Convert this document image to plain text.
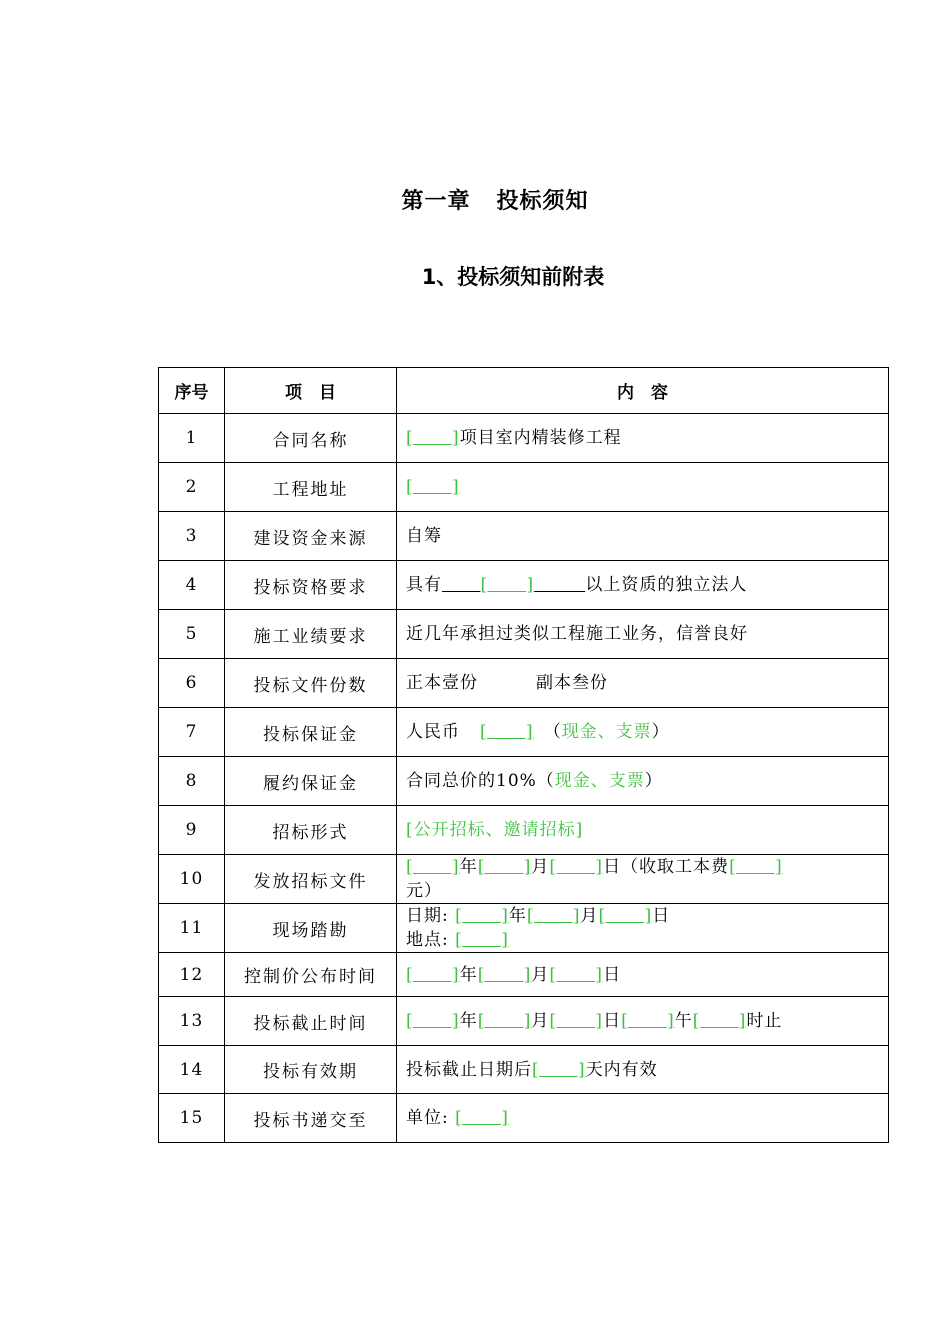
第一章 投标须知
1、投标须知前附表
序号	项　目	内　容
1	合同名称	[      ]项目室内精装修工程
2	工程地址	[      ]
3	建设资金来源	自筹
4	投标资格要求	具有 [      ] 以上资质的独立法人
5	施工业绩要求	近几年承担过类似工程施工业务，信誉良好
6	投标文件份数	正本壹份 副本叁份
7	投标保证金	人民币 [      ] （现金、支票）
8	履约保证金	合同总价的10%（现金、支票）
9	招标形式	[公开招标、邀请招标]
10	发放招标文件	[      ]年[      ]月[      ]日（收取工本费[      ]
元）
11	现场踏勘	日期: [      ]年[      ]月[      ]日
地点: [      ]
12	控制价公布时间	[      ]年[      ]月[      ]日
13	投标截止时间	[      ]年[      ]月[      ]日[      ]午[      ]时止
14	投标有效期	投标截止日期后[      ]天内有效
15	投标书递交至	单位: [      ]
